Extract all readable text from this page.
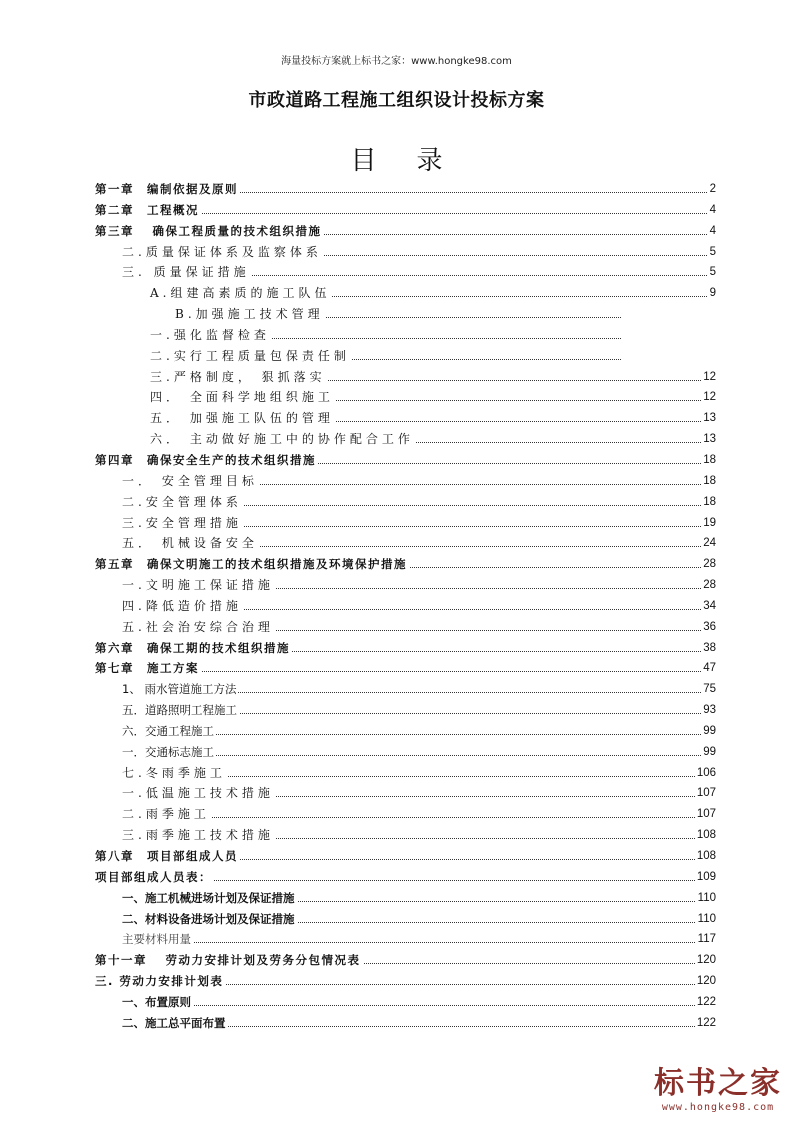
海量投标方案就上标书之家：www.hongke98.com
市政道路工程施工组织设计投标方案
目录
第一章　编制依据及原则	2
第二章　工程概况	4
第三章　 确保工程质量的技术组织措施	4
二.质量保证体系及监察体系	5
三. 质量保证措施	5
A.组建高素质的施工队伍	9
B.加强施工技术管理
一.强化监督检查
二.实行工程质量包保责任制
三.严格制度， 狠抓落实	12
四． 全面科学地组织施工	12
五． 加强施工队伍的管理	13
六． 主动做好施工中的协作配合工作	13
第四章　确保安全生产的技术组织措施	18
一． 安全管理目标	18
二.安全管理体系	18
三.安全管理措施	19
五． 机械设备安全	24
第五章　确保文明施工的技术组织措施及环境保护措施	28
一.文明施工保证措施	28
四.降低造价措施	34
五.社会治安综合治理	36
第六章　确保工期的技术组织措施	38
第七章　施工方案	47
1、 雨水管道施工方法	75
五．道路照明工程施工	93
六．交通工程施工	99
一．交通标志施工	99
七.冬雨季施工	106
一.低温施工技术措施	107
二.雨季施工	107
三.雨季施工技术措施	108
第八章　项目部组成人员	108
项目部组成人员表：	109
一、施工机械进场计划及保证措施	110
二、材料设备进场计划及保证措施	110
主要材料用量	117
第十一章　 劳动力安排计划及劳务分包情况表	120
三. 劳动力安排计划表	120
一、布置原则	122
二、施工总平面布置	122
标书之家
www.hongke98.com
